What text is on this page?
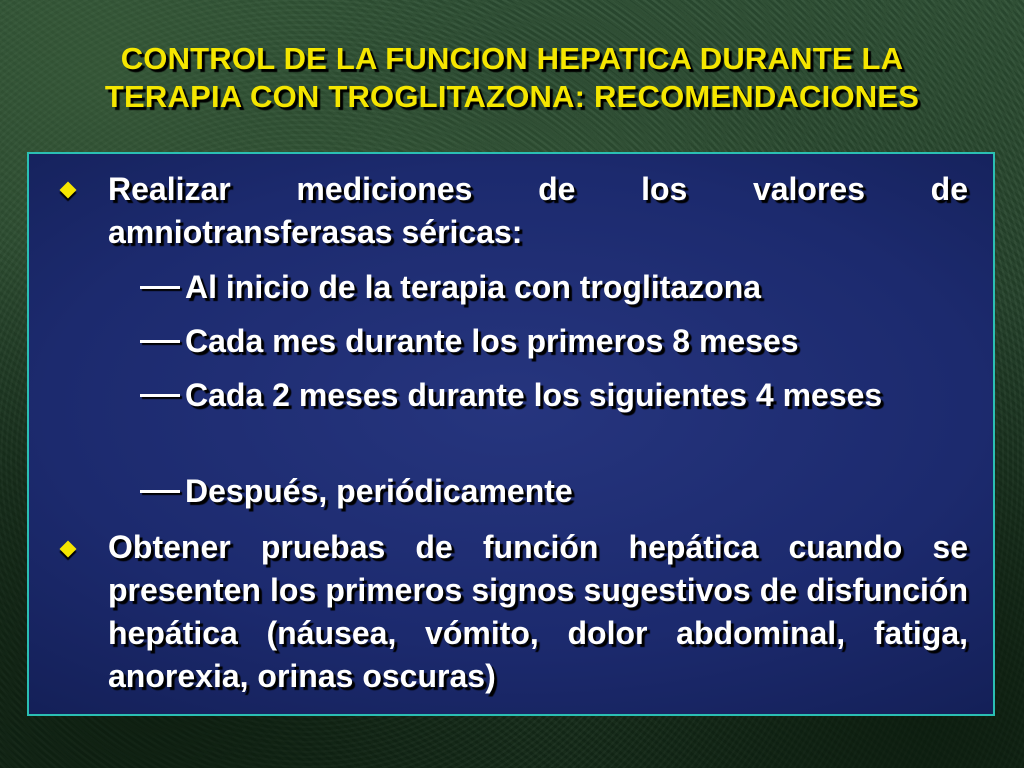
CONTROL DE LA FUNCION HEPATICA DURANTE LA
TERAPIA CON TROGLITAZONA: RECOMENDACIONES
Realizar mediciones de los valores de amniotransferasas séricas:
Al inicio de la terapia con troglitazona
Cada mes durante los primeros 8 meses
Cada 2 meses durante los siguientes 4 meses
Después, periódicamente
Obtener pruebas de función hepática cuando se presenten los primeros signos sugestivos de disfunción hepática (náusea, vómito, dolor abdominal, fatiga, anorexia, orinas oscuras)
